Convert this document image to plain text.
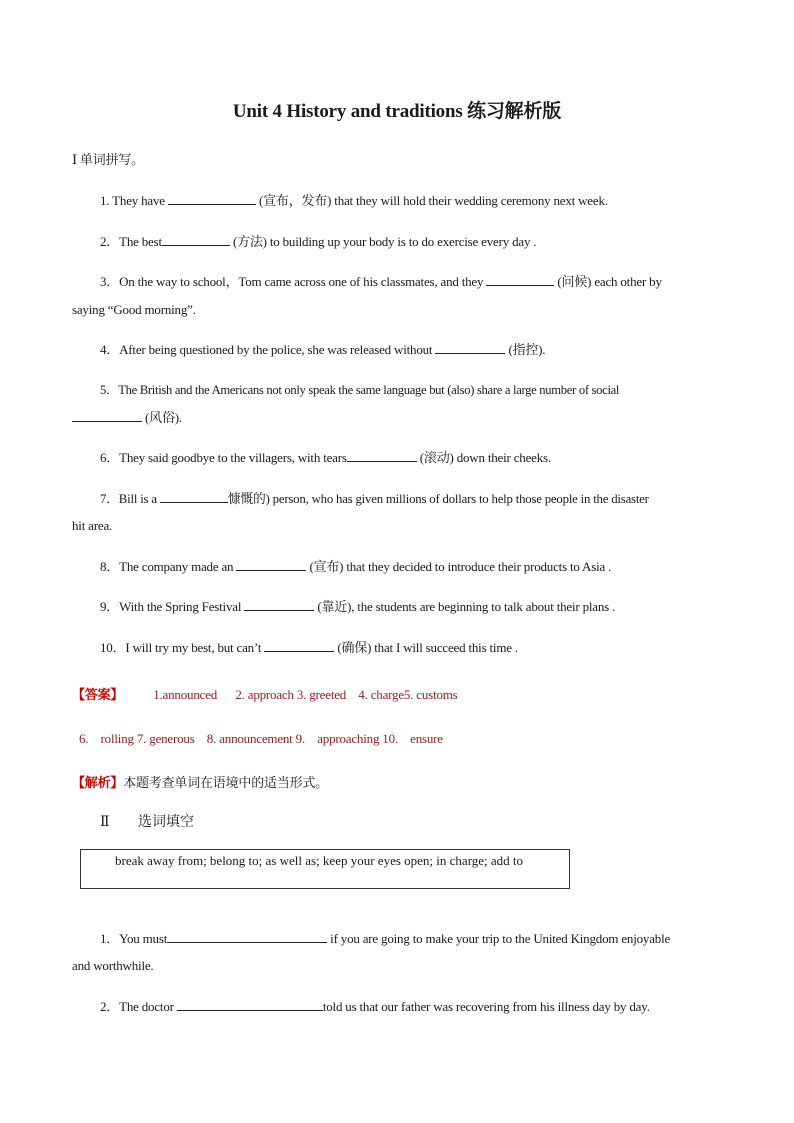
Unit 4 History and traditions 练习解析版
Ⅰ 单词拼写。
1. They have	(宣布，发布) that they will hold their wedding ceremony next week.
2．The best	(方法) to building up your body is to do exercise every day .
3．On the way to school，Tom came across one of his classmates, and they	(问候) each other by
saying “Good morning”.
4．After being questioned by the police, she was released without	(指控).
5．The British and the Americans not only speak the same language but (also) share a large number of social
(风俗).
6．They said goodbye to the villagers, with tears	(滚动) down their cheeks.
7．Bill is a	慷慨的) person, who has given millions of dollars to help those people in the disaster
hit area.
8．The company made an	(宣布) that they decided to introduce their products to Asia .
9．With the Spring Festival	(靠近), the students are beginning to talk about their plans .
10．I will try my best, but can’t	(确保) that I will succeed this time .
【答案】 1.announced      2. approach 3. greeted    4. charge5. customs
6.    rolling 7. generous    8. announcement 9.    approaching 10.    ensure
【解析】本题考查单词在语境中的适当形式。
Ⅱ 选词填空
break away from; belong to; as well as; keep your eyes open; in charge; add to
1．You must	if you are going to make your trip to the United Kingdom enjoyable
and worthwhile.
2．The doctor	told us that our father was recovering from his illness day by day.
